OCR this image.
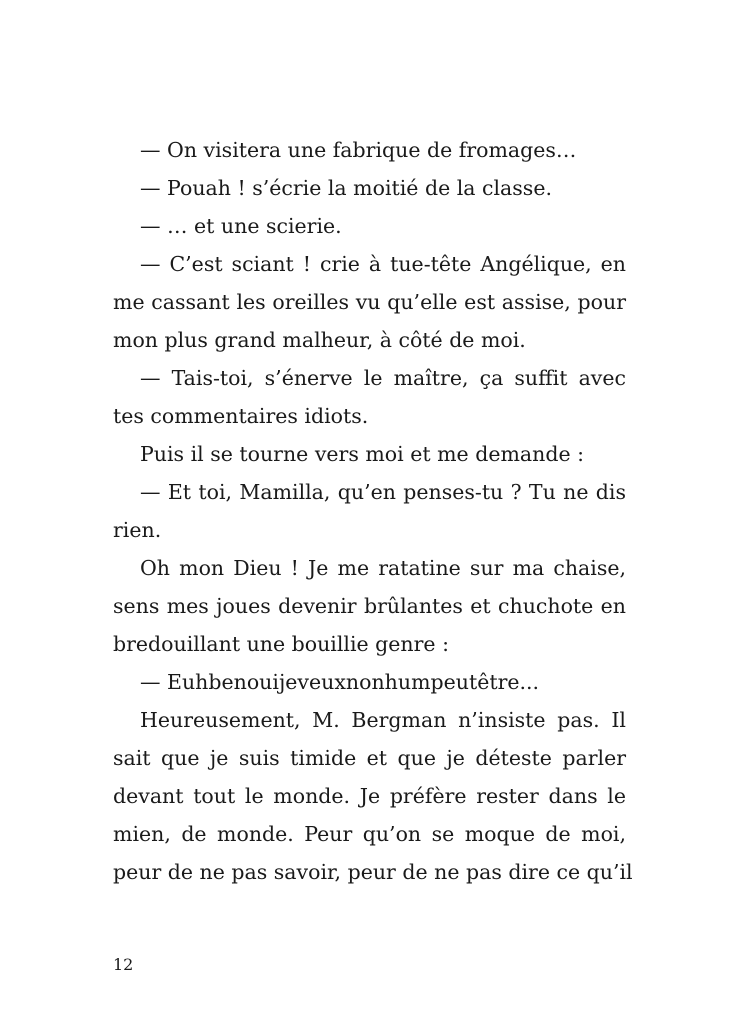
— On visitera une fabrique de fromages…
— Pouah ! s’écrie la moitié de la classe.
— … et une scierie.
— C’est sciant ! crie à tue-tête Angélique, en
me cassant les oreilles vu qu’elle est assise, pour
mon plus grand malheur, à côté de moi.
— Tais-toi, s’énerve le maître, ça suffit avec
tes commentaires idiots.
Puis il se tourne vers moi et me demande :
— Et toi, Mamilla, qu’en penses-tu ? Tu ne dis
rien.
Oh mon Dieu ! Je me ratatine sur ma chaise,
sens mes joues devenir brûlantes et chuchote en
bredouillant une bouillie genre :
— Euhbenouijeveuxnonhumpeutêtre...
Heureusement, M. Bergman n’insiste pas. Il
sait que je suis timide et que je déteste parler
devant tout le monde. Je préfère rester dans le
mien, de monde. Peur qu’on se moque de moi,
peur de ne pas savoir, peur de ne pas dire ce qu’il
12
